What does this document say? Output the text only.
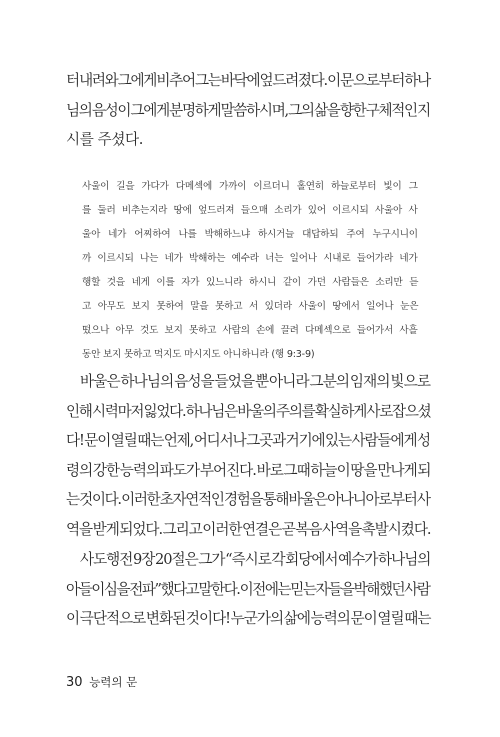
터 내려와 그에게 비추어 그는 바닥에 엎드려졌다. 이 문으로부터 하나
님의 음성이 그에게 분명하게 말씀하시며, 그의 삶을 향한 구체적인 지
시를 주셨다.
사울이 길을 가다가 다메섹에 가까이 이르더니 홀연히 하늘로부터 빛이 그
를 둘러 비추는지라 땅에 엎드러져 들으매 소리가 있어 이르시되 사울아 사
울아 네가 어찌하여 나를 박해하느냐 하시거늘 대답하되 주여 누구시니이
까 이르시되 나는 네가 박해하는 예수라 너는 일어나 시내로 들어가라 네가
행할 것을 네게 이를 자가 있느니라 하시니 같이 가던 사람들은 소리만 듣
고 아무도 보지 못하여 말을 못하고 서 있더라 사울이 땅에서 일어나 눈은
떴으나 아무 것도 보지 못하고 사람의 손에 끌려 다메섹으로 들어가서 사흘
동안 보지 못하고 먹지도 마시지도 아니하니라 (행 9:3-9)
바울은 하나님의 음성을 들었을 뿐 아니라 그분의 임재의 빛으로
인해 시력마저 잃었다. 하나님은 바울의 주의를 확실하게 사로잡으셨
다! 문이 열릴 때는 언제, 어디서나 그곳과 거기에 있는 사람들에게 성
령의 강한 능력의 파도가 부어진다. 바로 그때 하늘이 땅을 만나게 되
는 것이다. 이러한 초자연적인 경험을 통해 바울은 아나니아로부터 사
역을 받게 되었다. 그리고 이러한 연결은 곧 복음 사역을 촉발시켰다.
사도행전 9장 20절은 그가 “즉시로 각 회당에서 예수가 하나님의
아들이심을 전파”했다고 말한다. 이전에는 믿는 자들을 박해했던 사람
이 극단적으로 변화된 것이다! 누군가의 삶에 능력의 문이 열릴 때는
30 능력의 문
